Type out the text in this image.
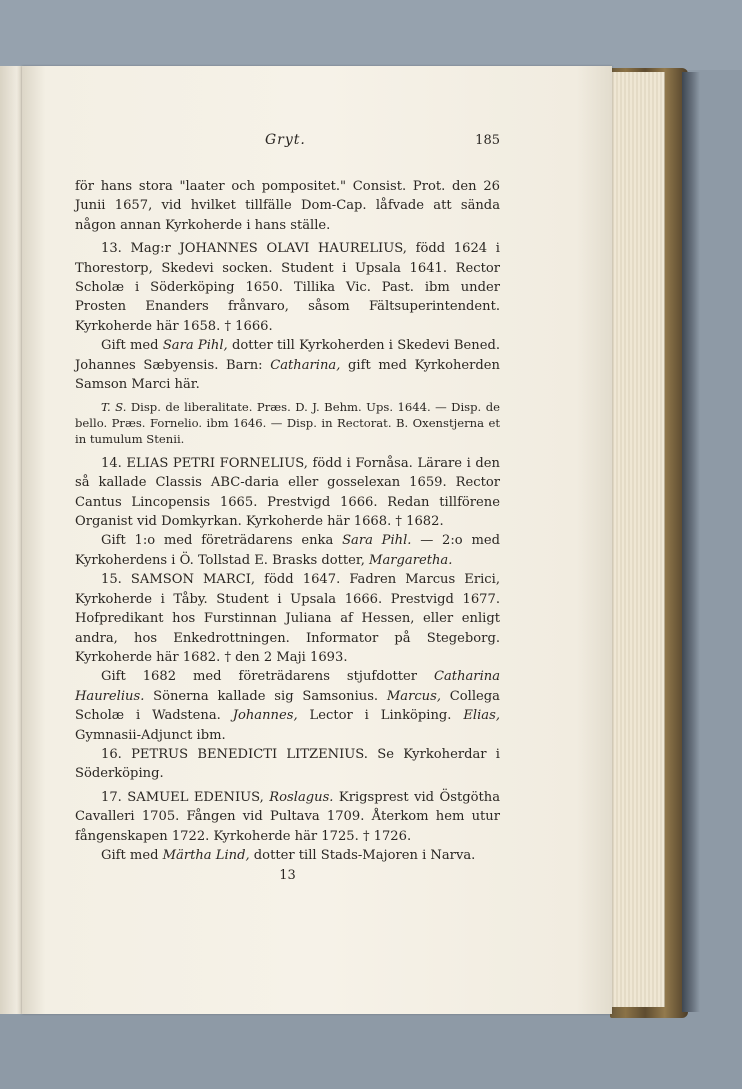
Gryt.	185

för hans stora "laater och pompositet." Consist. Prot. den 26 Junii 1657, vid hvilket tillfälle Dom-Cap. låfvade att sända någon annan Kyrkoherde i hans ställe.

13. Mag:r JOHANNES OLAVI HAURELIUS, född 1624 i Thorestorp, Skedevi socken. Student i Upsala 1641. Rector Scholæ i Söderköping 1650. Tillika Vic. Past. ibm under Prosten Enanders frånvaro, såsom Fältsuperintendent. Kyrkoherde här 1658. † 1666.

Gift med Sara Pihl, dotter till Kyrkoherden i Skedevi Bened. Johannes Sæbyensis. Barn: Catharina, gift med Kyrkoherden Samson Marci här.

T. S. Disp. de liberalitate. Præs. D. J. Behm. Ups. 1644. — Disp. de bello. Præs. Fornelio. ibm 1646. — Disp. in Rectorat. B. Oxenstjerna et in tumulum Stenii.

14. ELIAS PETRI FORNELIUS, född i Fornåsa. Lärare i den så kallade Classis ABC-daria eller gosselexan 1659. Rector Cantus Lincopensis 1665. Prestvigd 1666. Redan tillförene Organist vid Domkyrkan. Kyrkoherde här 1668. † 1682.

Gift 1:o med företrädarens enka Sara Pihl. — 2:o med Kyrkoherdens i Ö. Tollstad E. Brasks dotter, Margaretha.

15. SAMSON MARCI, född 1647. Fadren Marcus Erici, Kyrkoherde i Tåby. Student i Upsala 1666. Prestvigd 1677. Hofpredikant hos Furstinnan Juliana af Hessen, eller enligt andra, hos Enkedrottningen. Informator på Stegeborg. Kyrkoherde här 1682. † den 2 Maji 1693.

Gift 1682 med företrädarens stjufdotter Catharina Haurelius. Sönerna kallade sig Samsonius. Marcus, Collega Scholæ i Wadstena. Johannes, Lector i Linköping. Elias, Gymnasii-Adjunct ibm.

16. PETRUS BENEDICTI LITZENIUS. Se Kyrkoherdar i Söderköping.

17. SAMUEL EDENIUS, Roslagus. Krigsprest vid Östgötha Cavalleri 1705. Fången vid Pultava 1709. Återkom hem utur fångenskapen 1722. Kyrkoherde här 1725. † 1726.

Gift med Märtha Lind, dotter till Stads-Majoren i Narva.

13
